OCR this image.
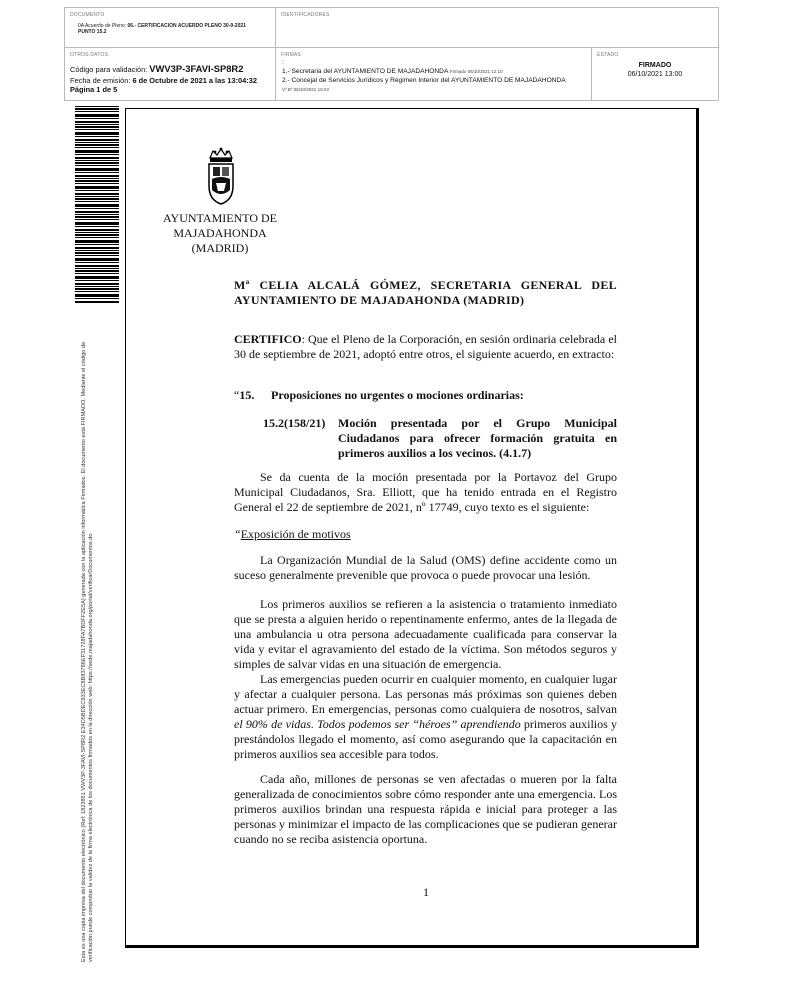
DOCUMENTO
0A Acuerdo de Pleno: 06.- CERTIFICACION ACUERDO PLENO 30-9-2021
PUNTO 15.2
IDENTIFICADORES
OTROS DATOS
Código para validación: VWV3P-3FAVI-SP8R2
Fecha de emisión: 6 de Octubre de 2021 a las 13:04:32
Página 1 de 5
FIRMAS
:
1.- Secretaria del AYUNTAMIENTO DE MAJADAHONDA Firmado 06/10/2021 12:10
2.- Concejal de Servicios Jurídicos y Régimen Interior del AYUNTAMIENTO DE MAJADAHONDA
Vº Bº 06/10/2021 10:23
ESTADO
FIRMADO
06/10/2021 13:00
Esta es una copia impresa del documento electrónico (Ref: 1823851 VWV3P-3FAVI-SP8R2 E34D5BDEC933EC8B83786EF31728FA7BDFF2E5A) generada con la aplicación informática Firmadoc. El documento está FIRMADO. Mediante el código de verificación puede comprobar la validez de la firma electrónica de los documentos firmados en la dirección web: https://sede.majadahonda.org/portal/verificarDocumentos.do
AYUNTAMIENTO DE
MAJADAHONDA
(MADRID)
Mª CELIA ALCALÁ GÓMEZ, SECRETARIA GENERAL DEL
AYUNTAMIENTO DE MAJADAHONDA (MADRID)
CERTIFICO: Que el Pleno de la Corporación, en sesión ordinaria celebrada el 30 de septiembre de 2021, adoptó entre otros, el siguiente acuerdo, en extracto:
“15. Proposiciones no urgentes o mociones ordinarias:
15.2(158/21) Moción presentada por el Grupo Municipal Ciudadanos para ofrecer formación gratuita en primeros auxilios a los vecinos. (4.1.7)
Se da cuenta de la moción presentada por la Portavoz del Grupo Municipal Ciudadanos, Sra. Elliott, que ha tenido entrada en el Registro General el 22 de septiembre de 2021, nº 17749, cuyo texto es el siguiente:
“Exposición de motivos
La Organización Mundial de la Salud (OMS) define accidente como un suceso generalmente prevenible que provoca o puede provocar una lesión.
Los primeros auxilios se refieren a la asistencia o tratamiento inmediato que se presta a alguien herido o repentinamente enfermo, antes de la llegada de una ambulancia u otra persona adecuadamente cualificada para conservar la vida y evitar el agravamiento del estado de la víctima. Son métodos seguros y simples de salvar vidas en una situación de emergencia.
Las emergencias pueden ocurrir en cualquier momento, en cualquier lugar y afectar a cualquier persona. Las personas más próximas son quienes deben actuar primero. En emergencias, personas como cualquiera de nosotros, salvan el 90% de vidas. Todos podemos ser “héroes” aprendiendo primeros auxilios y prestándolos llegado el momento, así como asegurando que la capacitación en primeros auxilios sea accesible para todos.
Cada año, millones de personas se ven afectadas o mueren por la falta generalizada de conocimientos sobre cómo responder ante una emergencia. Los primeros auxilios brindan una respuesta rápida e inicial para proteger a las personas y minimizar el impacto de las complicaciones que se pudieran generar cuando no se reciba asistencia oportuna.
1
